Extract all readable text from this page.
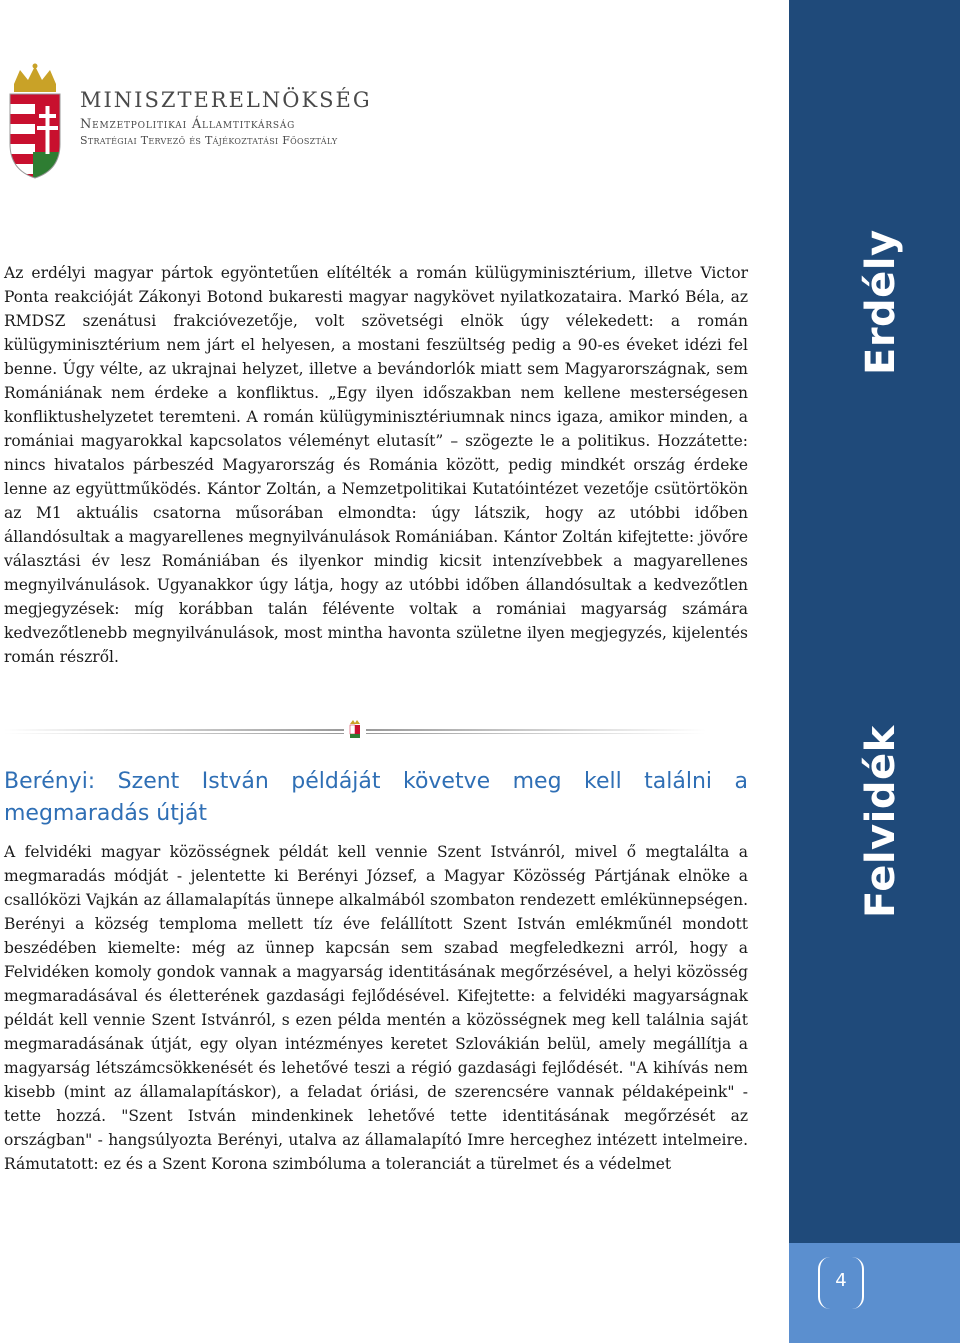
Erdély
Felvidék
4
MINISZTERELNÖKSÉG
Nemzetpolitikai Államtitkárság
Stratégiai Tervező és Tájékoztatási Főosztály
Az erdélyi magyar pártok egyöntetűen elítélték a román külügyminisztérium, illetve Victor Ponta reakcióját Zákonyi Botond bukaresti magyar nagykövet nyilatkozataira. Markó Béla, az RMDSZ szenátusi frakcióvezetője, volt szövetségi elnök úgy vélekedett: a román külügyminisztérium nem járt el helyesen, a mostani feszültség pedig a 90-es éveket idézi fel benne. Úgy vélte, az ukrajnai helyzet, illetve a bevándorlók miatt sem Magyarországnak, sem Romániának nem érdeke a konfliktus. „Egy ilyen időszakban nem kellene mesterségesen konfliktushelyzetet teremteni. A román külügyminisztériumnak nincs igaza, amikor minden, a romániai magyarokkal kapcsolatos véleményt elutasít” – szögezte le a politikus. Hozzátette: nincs hivatalos párbeszéd Magyarország és Románia között, pedig mindkét ország érdeke lenne az együttműködés. Kántor Zoltán, a Nemzetpolitikai Kutatóintézet vezetője csütörtökön az M1 aktuális csatorna műsorában elmondta: úgy látszik, hogy az utóbbi időben állandósultak a magyarellenes megnyilvánulások Romániában. Kántor Zoltán kifejtette: jövőre választási év lesz Romániában és ilyenkor mindig kicsit intenzívebbek a magyarellenes megnyilvánulások. Ugyanakkor úgy látja, hogy az utóbbi időben állandósultak a kedvezőtlen megjegyzések: míg korábban talán félévente voltak a romániai magyarság számára kedvezőtlenebb megnyilvánulások, most mintha havonta születne ilyen megjegyzés, kijelentés román részről.
Berényi: Szent István példáját követve meg kell találni a megmaradás útját
A felvidéki magyar közösségnek példát kell vennie Szent Istvánról, mivel ő megtalálta a megmaradás módját - jelentette ki Berényi József, a Magyar Közösség Pártjának elnöke a csallóközi Vajkán az államalapítás ünnepe alkalmából szombaton rendezett emlékünnepségen. Berényi a község temploma mellett tíz éve felállított Szent István emlékműnél mondott beszédében kiemelte: még az ünnep kapcsán sem szabad megfeledkezni arról, hogy a Felvidéken komoly gondok vannak a magyarság identitásának megőrzésével, a helyi közösség megmaradásával és életterének gazdasági fejlődésével. Kifejtette: a felvidéki magyarságnak példát kell vennie Szent Istvánról, s ezen példa mentén a közösségnek meg kell találnia saját megmaradásának útját, egy olyan intézményes keretet Szlovákián belül, amely megállítja a magyarság létszámcsökkenését és lehetővé teszi a régió gazdasági fejlődését. "A kihívás nem kisebb (mint az államalapításkor), a feladat óriási, de szerencsére vannak példaképeink" - tette hozzá. "Szent István mindenkinek lehetővé tette identitásának megőrzését az országban" - hangsúlyozta Berényi, utalva az államalapító Imre herceghez intézett intelmeire. Rámutatott: ez és a Szent Korona szimbóluma a toleranciát a türelmet és a védelmet
